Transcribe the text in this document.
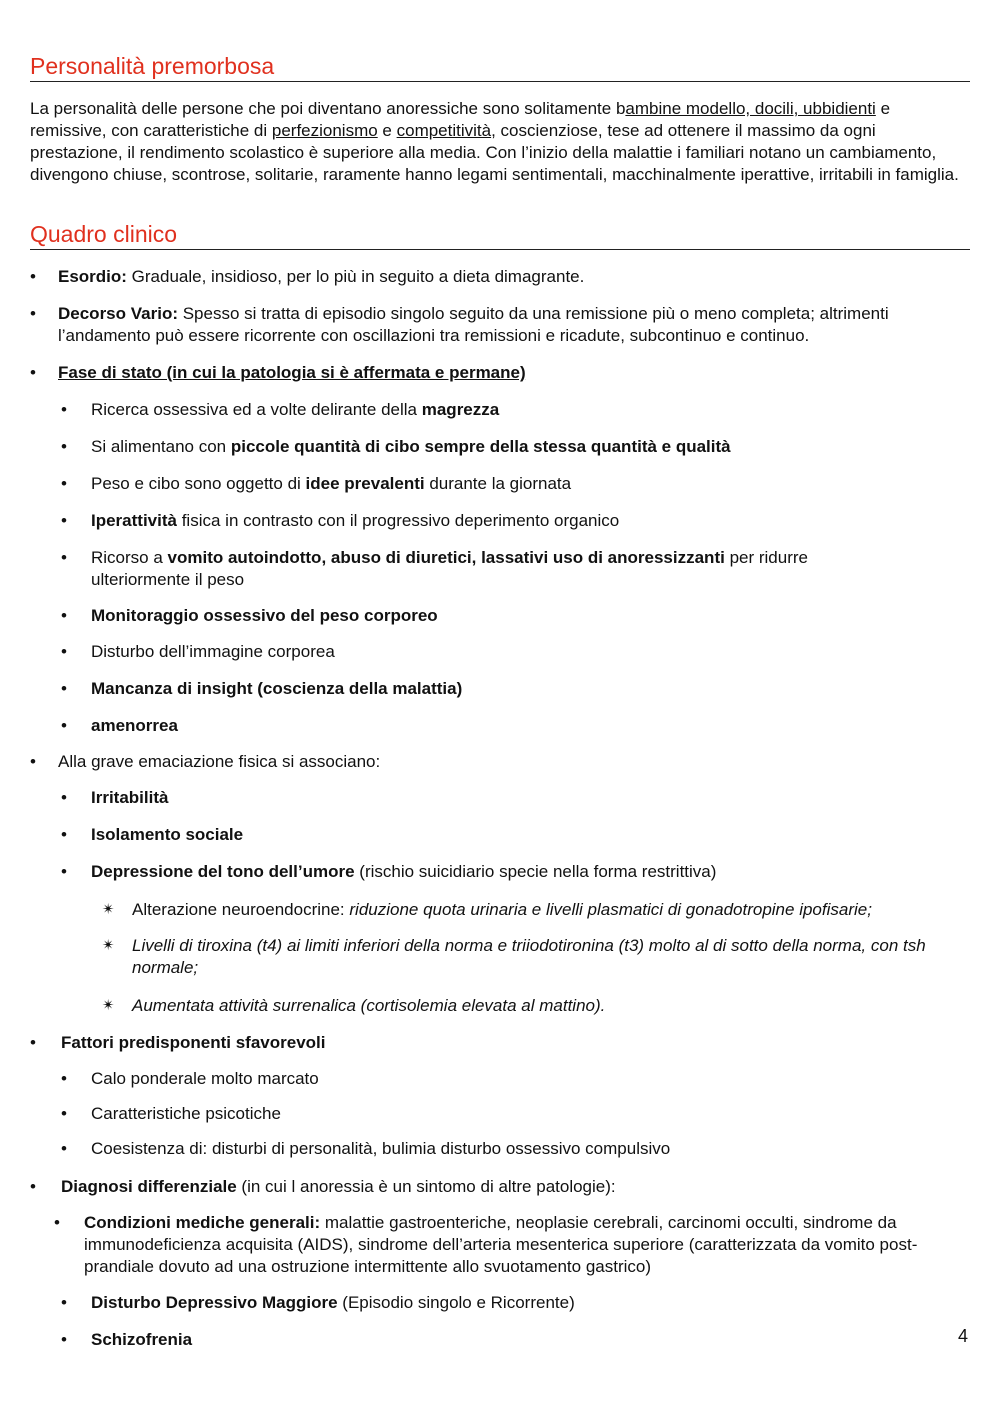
Personalità premorbosa

La personalità delle persone che poi diventano anoressiche sono solitamente bambine modello, docili, ubbidienti e remissive, con caratteristiche di perfezionismo e competitività, coscienziose, tese ad ottenere il massimo da ogni prestazione, il rendimento scolastico è superiore alla media. Con l’inizio della malattie i familiari notano un cambiamento, divengono chiuse, scontrose, solitarie, raramente hanno legami sentimentali, macchinalmente iperattive, irritabili in famiglia.

Quadro clinico
• Esordio: Graduale, insidioso, per lo più in seguito a dieta dimagrante.
• Decorso Vario: Spesso si tratta di episodio singolo seguito da una remissione più o meno completa; altrimenti l’andamento può essere ricorrente con oscillazioni tra remissioni e ricadute, subcontinuo e continuo.
• Fase di stato (in cui la patologia si è affermata e permane)
• Ricerca ossessiva ed a volte delirante della magrezza
• Si alimentano con piccole quantità di cibo sempre della stessa quantità e qualità
• Peso e cibo sono oggetto di idee prevalenti durante la giornata
• Iperattività fisica in contrasto con il progressivo deperimento organico
• Ricorso a vomito autoindotto, abuso di diuretici, lassativi uso di anoressizzanti per ridurre ulteriormente il peso
• Monitoraggio ossessivo del peso corporeo
• Disturbo dell’immagine corporea
• Mancanza di insight (coscienza della malattia)
• amenorrea
• Alla grave emaciazione fisica si associano:
• Irritabilità
• Isolamento sociale
• Depressione del tono dell’umore (rischio suicidiario specie nella forma restrittiva)
✴ Alterazione neuroendocrine: riduzione quota urinaria e livelli plasmatici di gonadotropine ipofisarie;
✴ Livelli di tiroxina (t4) ai limiti inferiori della norma e triiodotironina (t3) molto al di sotto della norma, con tsh normale;
✴ Aumentata attività surrenalica (cortisolemia elevata al mattino).
• Fattori predisponenti sfavorevoli
• Calo ponderale molto marcato
• Caratteristiche psicotiche
• Coesistenza di: disturbi di personalità, bulimia disturbo ossessivo compulsivo
• Diagnosi differenziale (in cui l anoressia è un sintomo di altre patologie):
• Condizioni mediche generali: malattie gastroenteriche, neoplasie cerebrali, carcinomi occulti, sindrome da immunodeficienza acquisita (AIDS), sindrome dell’arteria mesenterica superiore (caratterizzata da vomito post-prandiale dovuto ad una ostruzione intermittente allo svuotamento gastrico)
• Disturbo Depressivo Maggiore (Episodio singolo e Ricorrente)
• Schizofrenia	4
